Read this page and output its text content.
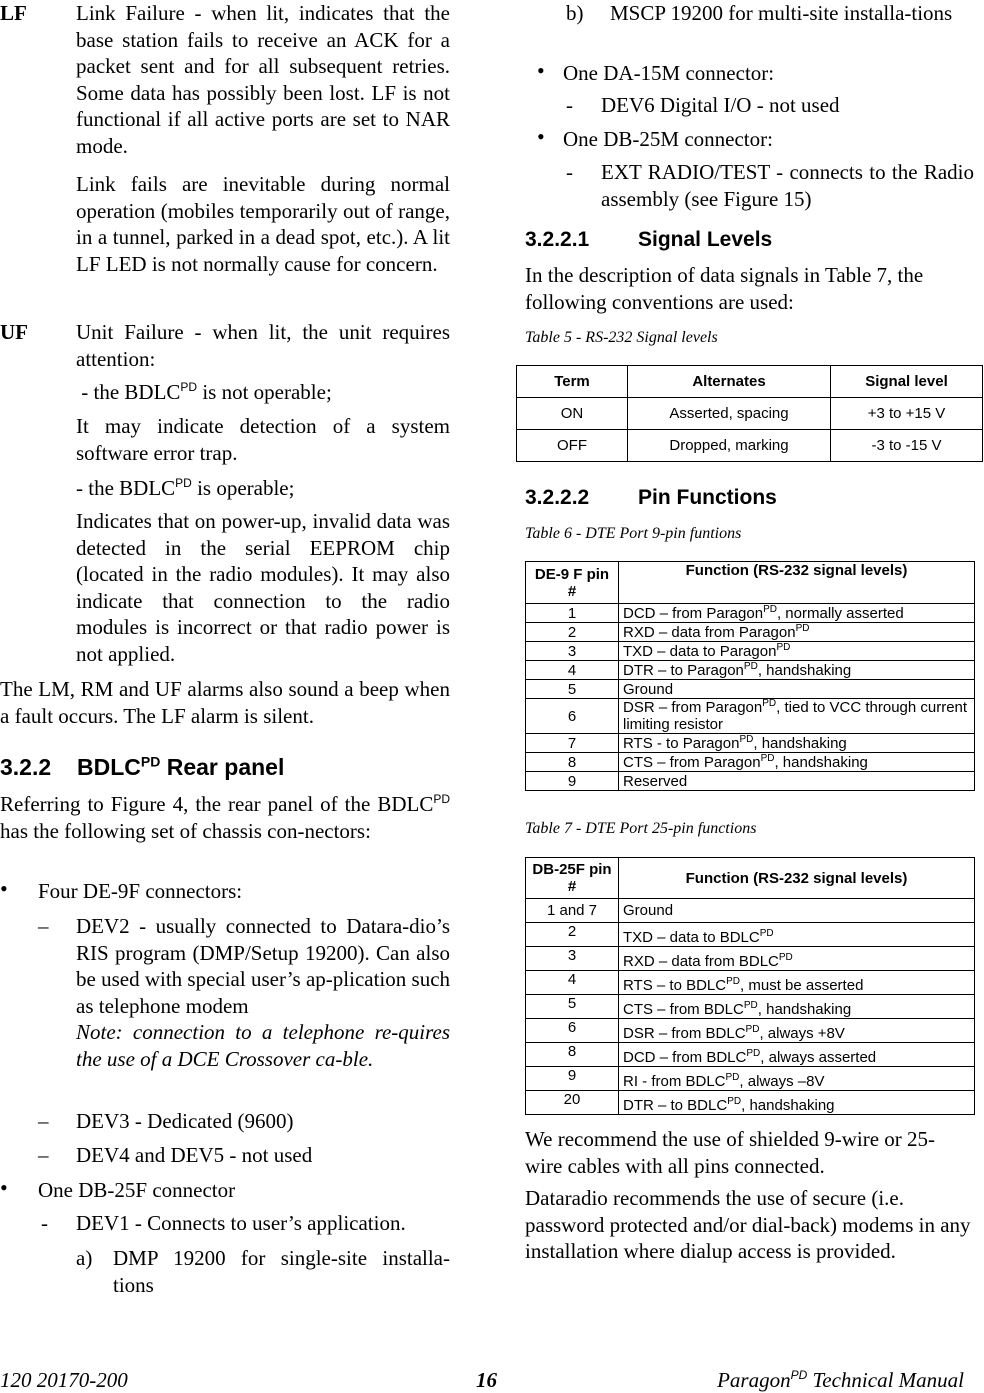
LF Link Failure - when lit, indicates that the base station fails to receive an ACK for a packet sent and for all subsequent retries. Some data has possibly been lost. LF is not functional if all active ports are set to NAR mode.

Link fails are inevitable during normal operation (mobiles temporarily out of range, in a tunnel, parked in a dead spot, etc.). A lit LF LED is not normally cause for concern.

UF Unit Failure - when lit, the unit requires attention:

- the $BDLC^{PD}$ is not operable;

It may indicate detection of a system software error trap.

- the $BDLC^{PD}$ is operable;

Indicates that on power-up, invalid data was detected in the serial EEPROM chip (located in the radio modules). It may also indicate that connection to the radio modules is incorrect or that radio power is not applied.

The LM, RM and UF alarms also sound a beep when a fault occurs. The LF alarm is silent.

3.2.2 $BDLC^{PD}$ Rear panel

Referring to Figure 4, the rear panel of the $BDLC^{PD}$ has the following set of chassis con-nectors:

• Four DE-9F connectors:

– DEV2 - usually connected to Datara-dio’s RIS program (DMP/Setup 19200). Can also be used with special user’s ap-plication such as telephone modem

Note: connection to a telephone re-quires the use of a DCE Crossover ca-ble.

– DEV3 - Dedicated (9600)

– DEV4 and DEV5 - not used

• One DB-25F connector

- DEV1 - Connects to user’s application.

a) DMP 19200 for single-site installa-tions

b) MSCP 19200 for multi-site installa-tions

• One DA-15M connector:

- DEV6 Digital I/O - not used

• One DB-25M connector:

- EXT RADIO/TEST - connects to the Radio assembly (see Figure 15)

3.2.2.1 Signal Levels

In the description of data signals in Table 7, the following conventions are used:

Table 5 - RS-232 Signal levels
Term	Alternates	Signal level
ON	Asserted, spacing	+3 to +15 V
OFF	Dropped, marking	-3 to -15 V
3.2.2.2 Pin Functions
Table 6 - DTE Port 9-pin funtions
DE-9 F pin #	Function (RS-232 signal levels)
1	DCD – from Paragon$^{PD}$, normally asserted
2	RXD – data from Paragon$^{PD}$
3	TXD – data to Paragon$^{PD}$
4	DTR – to Paragon$^{PD}$, handshaking
5	Ground
6	DSR – from Paragon$^{PD}$, tied to VCC through current limiting resistor
7	RTS - to Paragon$^{PD}$, handshaking
8	CTS – from Paragon$^{PD}$, handshaking
9	Reserved
Table 7 - DTE Port 25-pin functions
DB-25F pin #	Function (RS-232 signal levels)
1 and 7	Ground
2	TXD – data to $BDLC^{PD}$
3	RXD – data from $BDLC^{PD}$
4	RTS – to $BDLC^{PD}$, must be asserted
5	CTS – from $BDLC^{PD}$, handshaking
6	DSR – from $BDLC^{PD}$, always +8V
8	DCD – from $BDLC^{PD}$, always asserted
9	RI - from $BDLC^{PD}$, always –8V
20	DTR – to $BDLC^{PD}$, handshaking

We recommend the use of shielded 9-wire or 25-wire cables with all pins connected.

Dataradio recommends the use of secure (i.e. password protected and/or dial-back) modems in any installation where dialup access is provided.

120 20170-200	16	Paragon$^{PD}$ Technical Manual
